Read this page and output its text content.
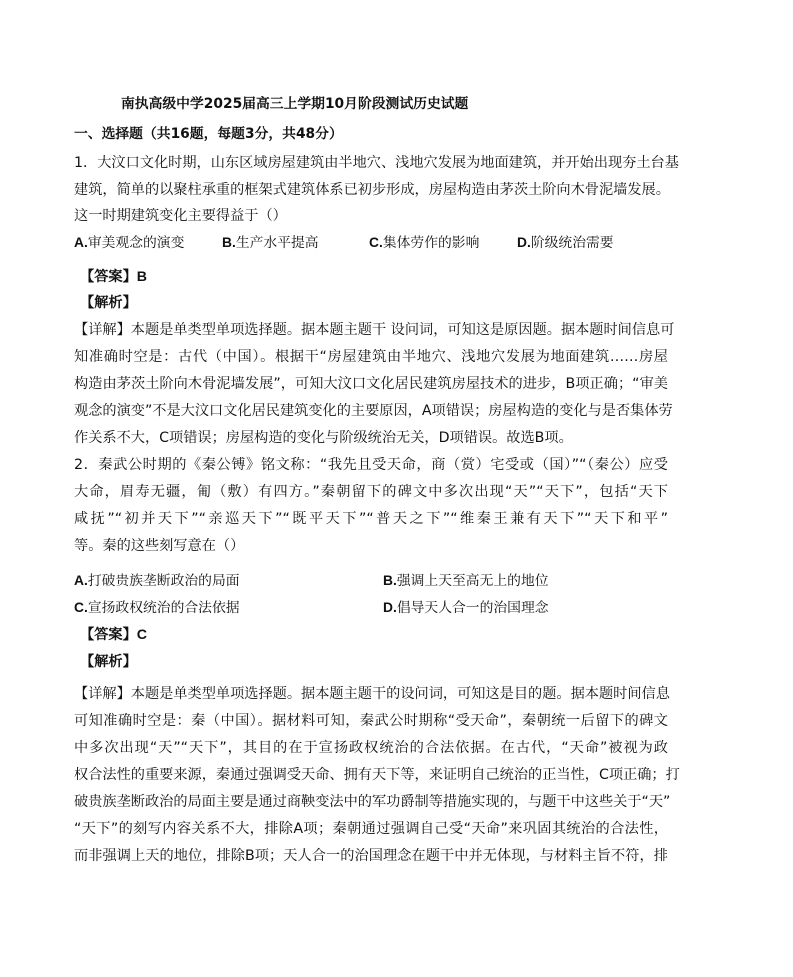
南执高级中学2025届高三上学期10月阶段测试历史试题
一、选择题（共16题，每题3分，共48分）
1．大汶口文化时期，山东区域房屋建筑由半地穴、浅地穴发展为地面建筑，并开始出现夯土台基
建筑，简单的以聚柱承重的框架式建筑体系已初步形成，房屋构造由茅茨土阶向木骨泥墙发展。
这一时期建筑变化主要得益于（）
A.审美观念的演变	B.生产水平提高	C.集体劳作的影响	D.阶级统治需要
【答案】B
【解析】
【详解】本题是单类型单项选择题。据本题主题干 设问词，可知这是原因题。据本题时间信息可
知准确时空是：古代（中国）。根据干“房屋建筑由半地穴、浅地穴发展为地面建筑……房屋
构造由茅茨土阶向木骨泥墙发展”，可知大汶口文化居民建筑房屋技术的进步，B项正确；“审美
观念的演变”不是大汶口文化居民建筑变化的主要原因，A项错误；房屋构造的变化与是否集体劳
作关系不大，C项错误；房屋构造的变化与阶级统治无关，D项错误。故选B项。
2．秦武公时期的《秦公镈》铭文称：“我先且受天命，商（赏）宅受或（国）”“（秦公）应受
大命，眉寿无疆，匍（敷）有四方。”秦朝留下的碑文中多次出现“天”“天下”，包括“天下
咸抚”“初并天下”“亲巡天下”“既平天下”“普天之下”“维秦王兼有天下”“天下和平”
等。秦的这些刻写意在（）
A.打破贵族垄断政治的局面	B.强调上天至高无上的地位
C.宣扬政权统治的合法依据	D.倡导天人合一的治国理念
【答案】C
【解析】
【详解】本题是单类型单项选择题。据本题主题干的设问词，可知这是目的题。据本题时间信息
可知准确时空是：秦（中国）。据材料可知，秦武公时期称“受天命”，秦朝统一后留下的碑文
中多次出现“天”“天下”，其目的在于宣扬政权统治的合法依据。在古代，“天命”被视为政
权合法性的重要来源，秦通过强调受天命、拥有天下等，来证明自己统治的正当性，C项正确；打
破贵族垄断政治的局面主要是通过商鞅变法中的军功爵制等措施实现的，与题干中这些关于“天”
“天下”的刻写内容关系不大，排除A项；秦朝通过强调自己受“天命”来巩固其统治的合法性，
而非强调上天的地位，排除B项；天人合一的治国理念在题干中并无体现，与材料主旨不符，排
